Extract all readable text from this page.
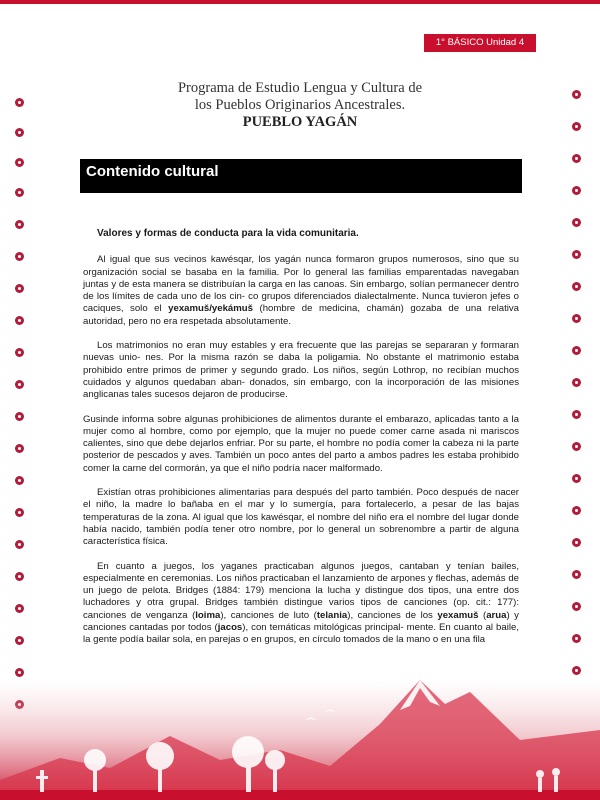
1° BÁSICO Unidad 4
Programa de Estudio Lengua y Cultura de
los Pueblos Originarios Ancestrales.
PUEBLO YAGÁN
Contenido cultural
Valores y formas de conducta para la vida comunitaria.

Al igual que sus vecinos kawésqar, los yagán nunca formaron grupos numerosos, sino que su organización social se basaba en la familia. Por lo general las familias emparentadas navegaban juntas y de esta manera se distribuían la carga en las canoas. Sin embargo, solían permanecer dentro de los límites de cada uno de los cin- co grupos diferenciados dialectalmente. Nunca tuvieron jefes o caciques, solo el yexamuš/yekámuš (hombre de medicina, chamán) gozaba de una relativa autoridad, pero no era respetada absolutamente.

Los matrimonios no eran muy estables y era frecuente que las parejas se separaran y formaran nuevas unio- nes. Por la misma razón se daba la poligamia. No obstante el matrimonio estaba prohibido entre primos de primer y segundo grado. Los niños, según Lothrop, no recibían muchos cuidados y algunos quedaban aban- donados, sin embargo, con la incorporación de las misiones anglicanas tales sucesos dejaron de producirse.

Gusinde informa sobre algunas prohibiciones de alimentos durante el embarazo, aplicadas tanto a la mujer como al hombre, como por ejemplo, que la mujer no puede comer carne asada ni mariscos calientes, sino que debe dejarlos enfriar. Por su parte, el hombre no podía comer la cabeza ni la parte posterior de pescados y aves. También un poco antes del parto a ambos padres les estaba prohibido comer la carne del cormorán, ya que el niño podría nacer malformado.

Existían otras prohibiciones alimentarias para después del parto también. Poco después de nacer el niño, la madre lo bañaba en el mar y lo sumergía, para fortalecerlo, a pesar de las bajas temperaturas de la zona. Al igual que los kawésqar, el nombre del niño era el nombre del lugar donde había nacido, también podía tener otro nombre, por lo general un sobrenombre a partir de alguna característica física.

En cuanto a juegos, los yaganes practicaban algunos juegos, cantaban y tenían bailes, especialmente en ceremonias. Los niños practicaban el lanzamiento de arpones y flechas, además de un juego de pelota. Bridges (1884: 179) menciona la lucha y distingue dos tipos, una entre dos luchadores y otra grupal. Bridges también distingue varios tipos de canciones (op. cit.: 177): canciones de venganza (loima), canciones de luto (telania), canciones de los yexamuš (arua) y canciones cantadas por todos (jacos), con temáticas mitológicas principal- mente. En cuanto al baile, la gente podía bailar sola, en parejas o en grupos, en círculo tomados de la mano o en una fila
